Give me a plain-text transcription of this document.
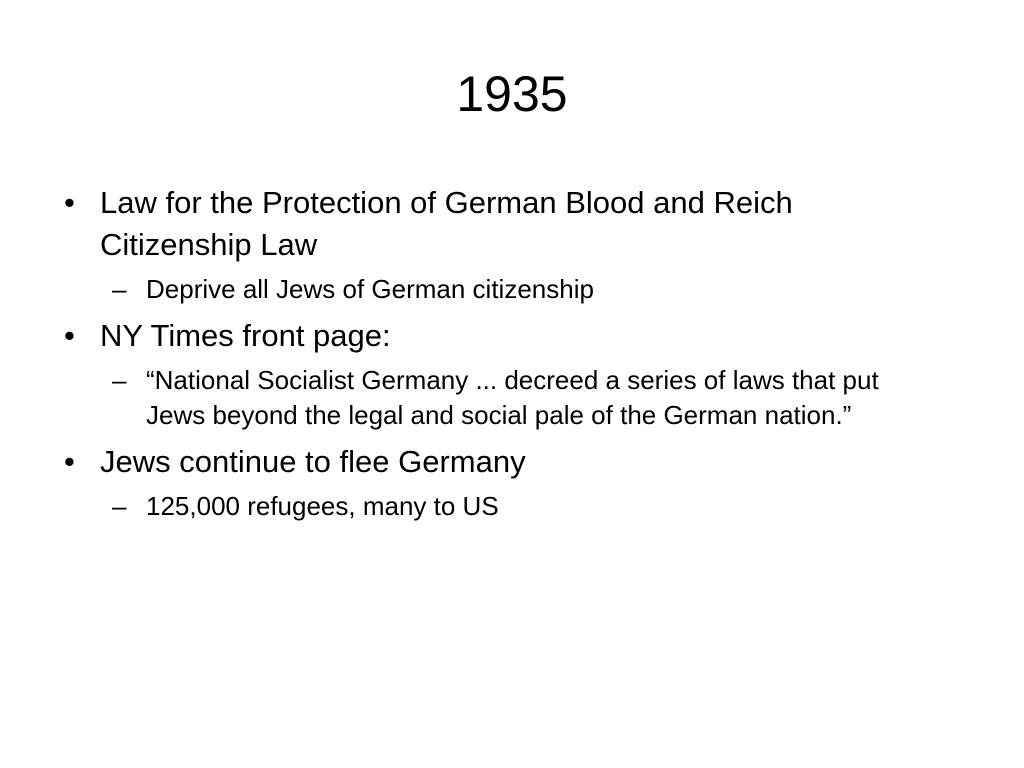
1935
• Law for the Protection of German Blood and Reich Citizenship Law
– Deprive all Jews of German citizenship
• NY Times front page:
– “National Socialist Germany ... decreed a series of laws that put Jews beyond the legal and social pale of the German nation.”
• Jews continue to flee Germany
– 125,000 refugees, many to US
